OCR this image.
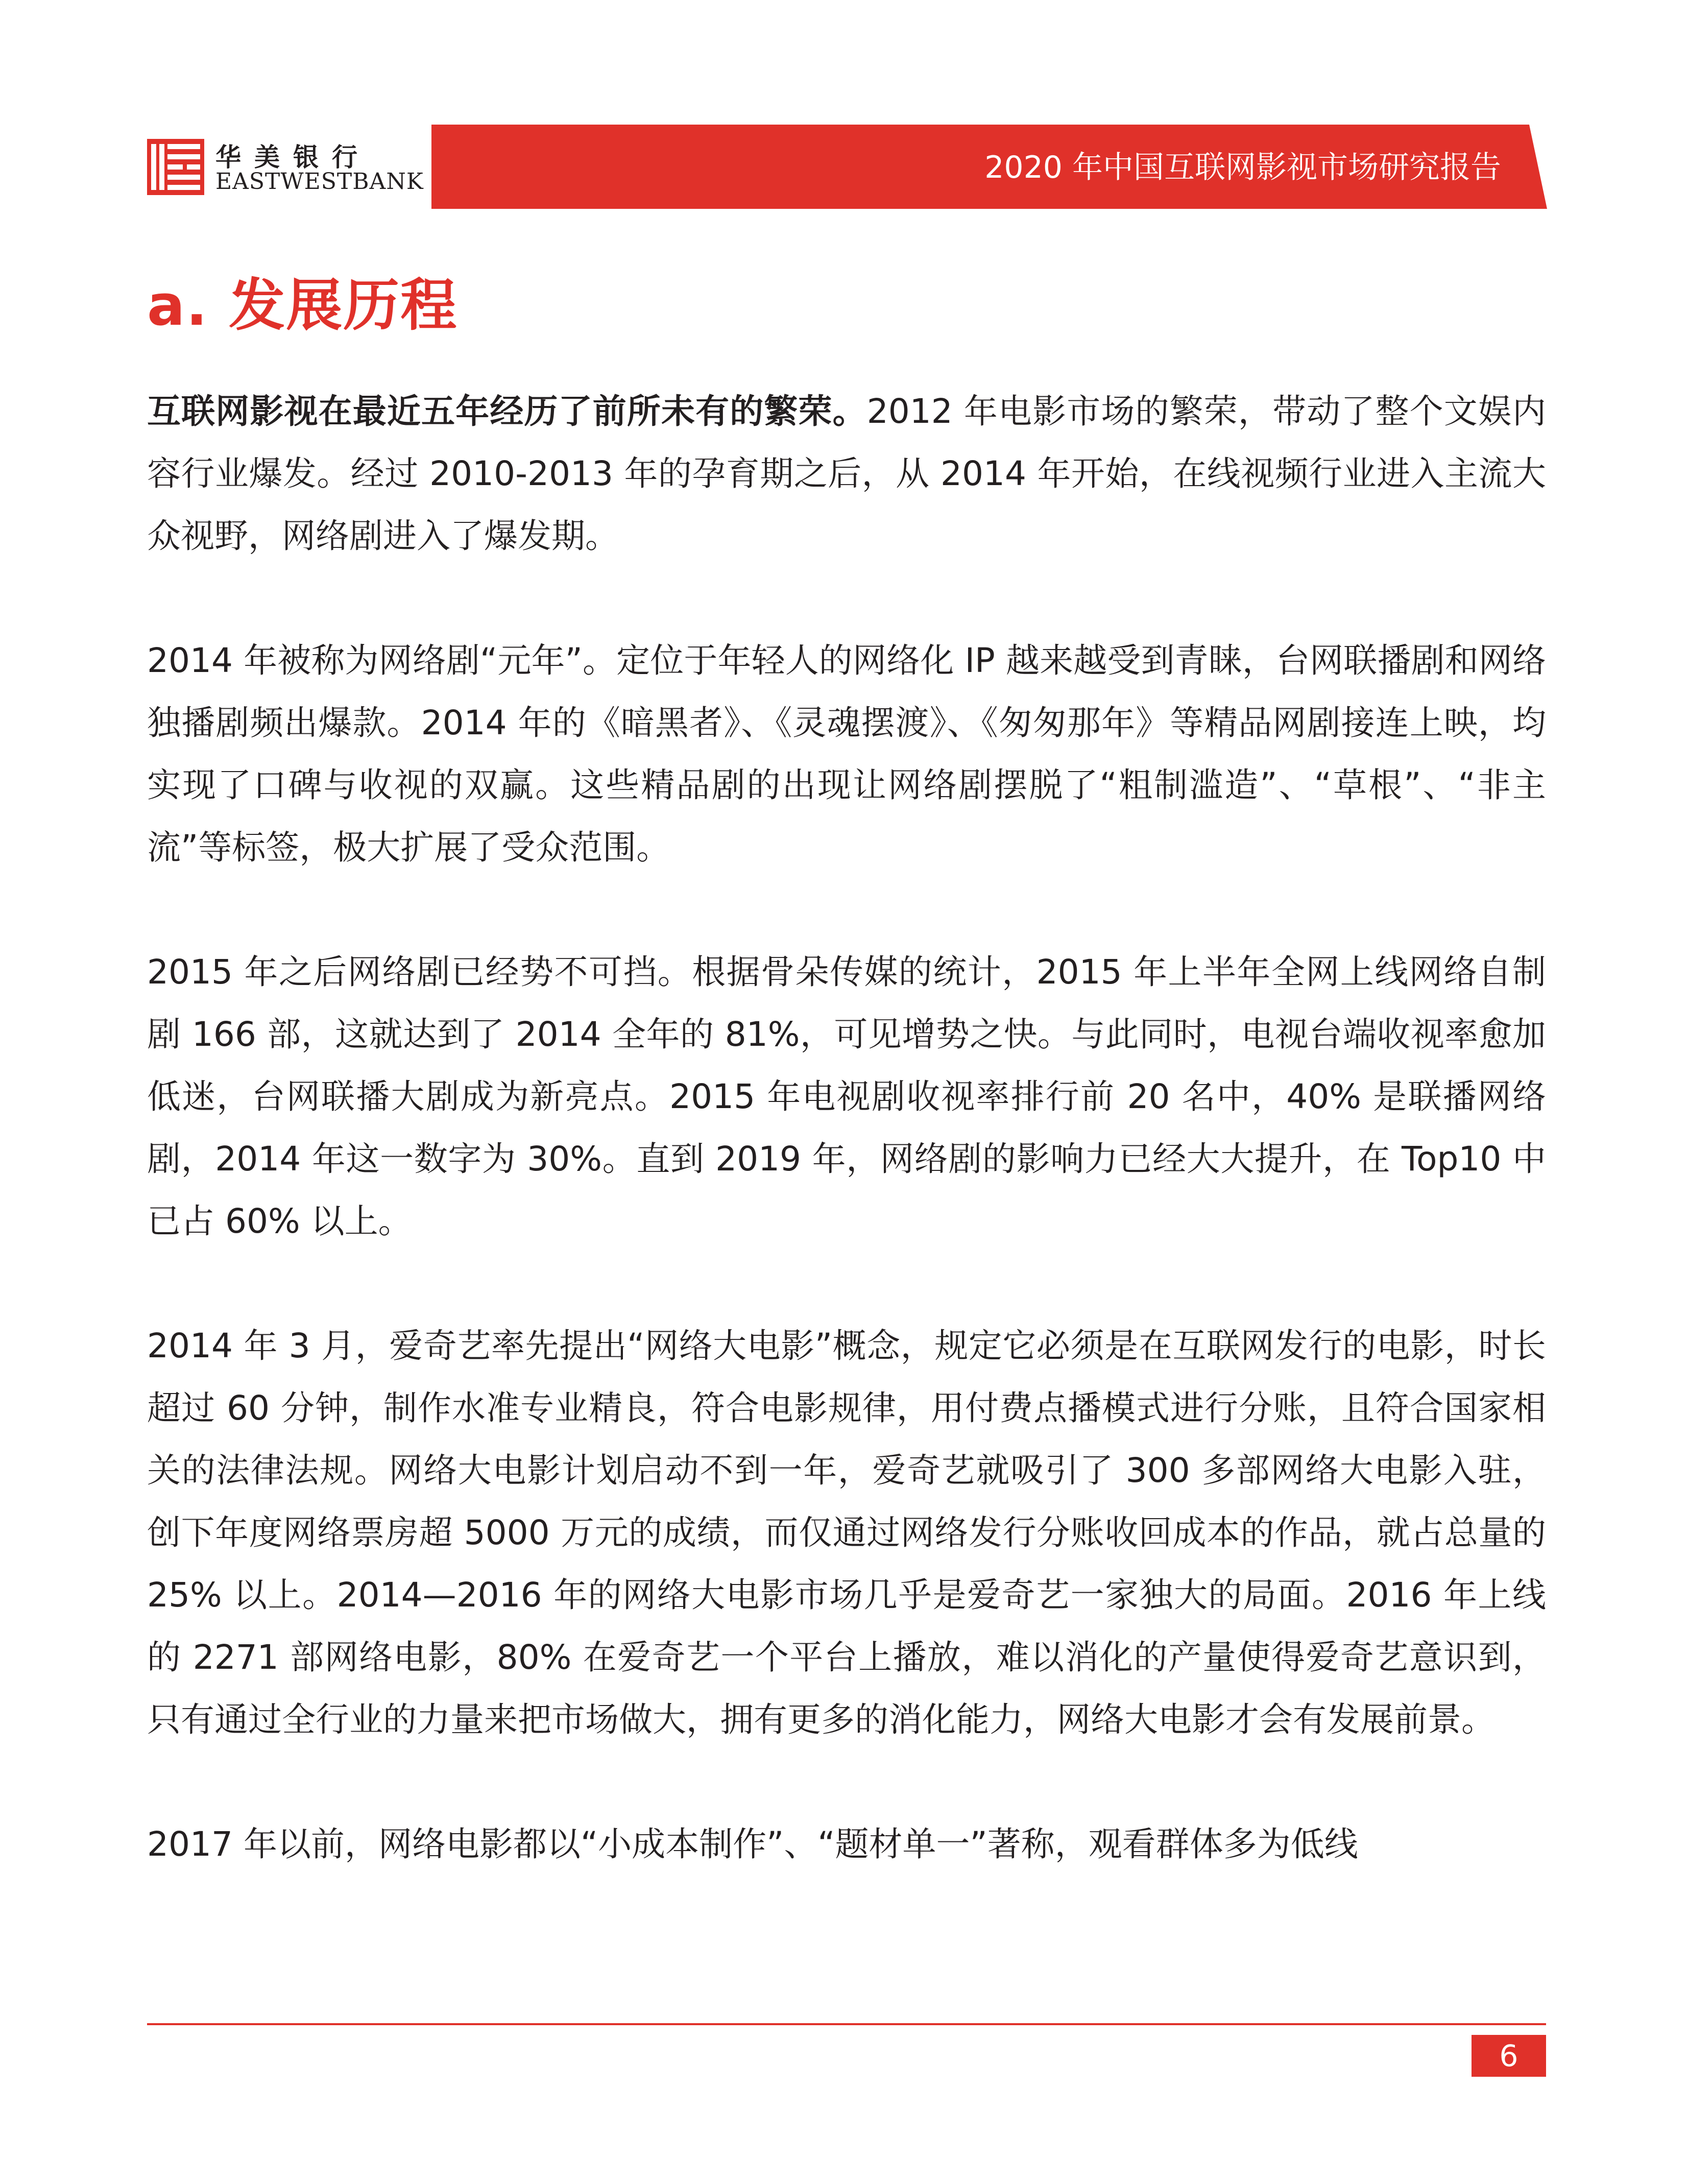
华美银行
EASTWESTBANK	2020 年中国互联网影视市场研究报告
a. 发展历程

互联网影视在最近五年经历了前所未有的繁荣。2012 年电影市场的繁荣，带动了整个文娱内容行业爆发。经过 2010-2013 年的孕育期之后，从 2014 年开始，在线视频行业进入主流大众视野，网络剧进入了爆发期。

2014 年被称为网络剧“元年”。定位于年轻人的网络化 IP 越来越受到青睐，台网联播剧和网络独播剧频出爆款。2014 年的《暗黑者》、《灵魂摆渡》、《匆匆那年》等精品网剧接连上映，均实现了口碑与收视的双赢。这些精品剧的出现让网络剧摆脱了“粗制滥造”、“草根”、“非主流”等标签，极大扩展了受众范围。

2015 年之后网络剧已经势不可挡。根据骨朵传媒的统计，2015 年上半年全网上线网络自制剧 166 部，这就达到了 2014 全年的 81%，可见增势之快。与此同时，电视台端收视率愈加低迷，台网联播大剧成为新亮点。2015 年电视剧收视率排行前 20 名中，40% 是联播网络剧，2014 年这一数字为 30%。直到 2019 年，网络剧的影响力已经大大提升，在 Top10 中已占 60% 以上。

2014 年 3 月，爱奇艺率先提出“网络大电影”概念，规定它必须是在互联网发行的电影，时长超过 60 分钟，制作水准专业精良，符合电影规律，用付费点播模式进行分账，且符合国家相关的法律法规。网络大电影计划启动不到一年，爱奇艺就吸引了 300 多部网络大电影入驻，创下年度网络票房超 5000 万元的成绩，而仅通过网络发行分账收回成本的作品，就占总量的 25% 以上。2014—2016 年的网络大电影市场几乎是爱奇艺一家独大的局面。2016 年上线的 2271 部网络电影，80% 在爱奇艺一个平台上播放，难以消化的产量使得爱奇艺意识到，只有通过全行业的力量来把市场做大，拥有更多的消化能力，网络大电影才会有发展前景。

2017 年以前，网络电影都以“小成本制作”、“题材单一”著称，观看群体多为低线

6
